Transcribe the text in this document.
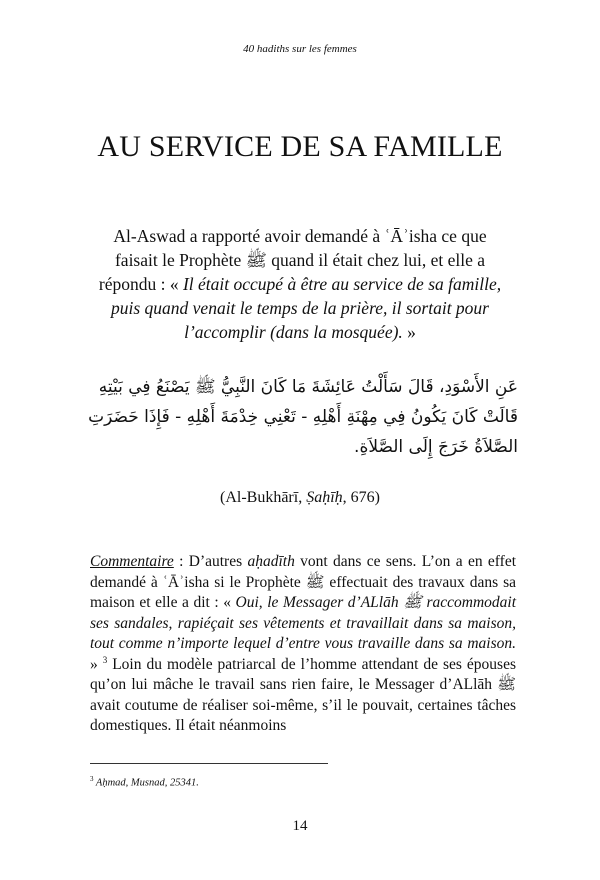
40 hadiths sur les femmes
AU SERVICE DE SA FAMILLE

Al-Aswad a rapporté avoir demandé à ʿĀʾisha ce que faisait le Prophète ﷺ quand il était chez lui, et elle a répondu : « Il était occupé à être au service de sa famille, puis quand venait le temps de la prière, il sortait pour l’accomplir (dans la mosquée). »

عَنِ الأَسْوَدِ، قَالَ سَأَلْتُ عَائِشَةَ مَا كَانَ النَّبِيُّ ﷺ يَصْنَعُ فِي بَيْتِهِ قَالَتْ كَانَ يَكُونُ فِي مِهْنَةِ أَهْلِهِ - تَعْنِي خِدْمَةَ أَهْلِهِ - فَإِذَا حَضَرَتِ الصَّلاَةُ خَرَجَ إِلَى الصَّلاَةِ.

(Al-Bukhārī, Ṣaḥīḥ, 676)

Commentaire : D’autres aḥadīth vont dans ce sens. L’on a en effet demandé à ʿĀʾisha si le Prophète ﷺ effectuait des travaux dans sa maison et elle a dit : « Oui, le Messager d’ALlāh ﷺ raccommodait ses sandales, rapiéçait ses vêtements et travaillait dans sa maison, tout comme n’importe lequel d’entre vous travaille dans sa maison. » $^3$ Loin du modèle patriarcal de l’homme attendant de ses épouses qu’on lui mâche le travail sans rien faire, le Messager d’ALlāh ﷺ avait coutume de réaliser soi-même, s’il le pouvait, certaines tâches domestiques. Il était néanmoins

$^3$ Aḥmad, Musnad, 25341.
14
